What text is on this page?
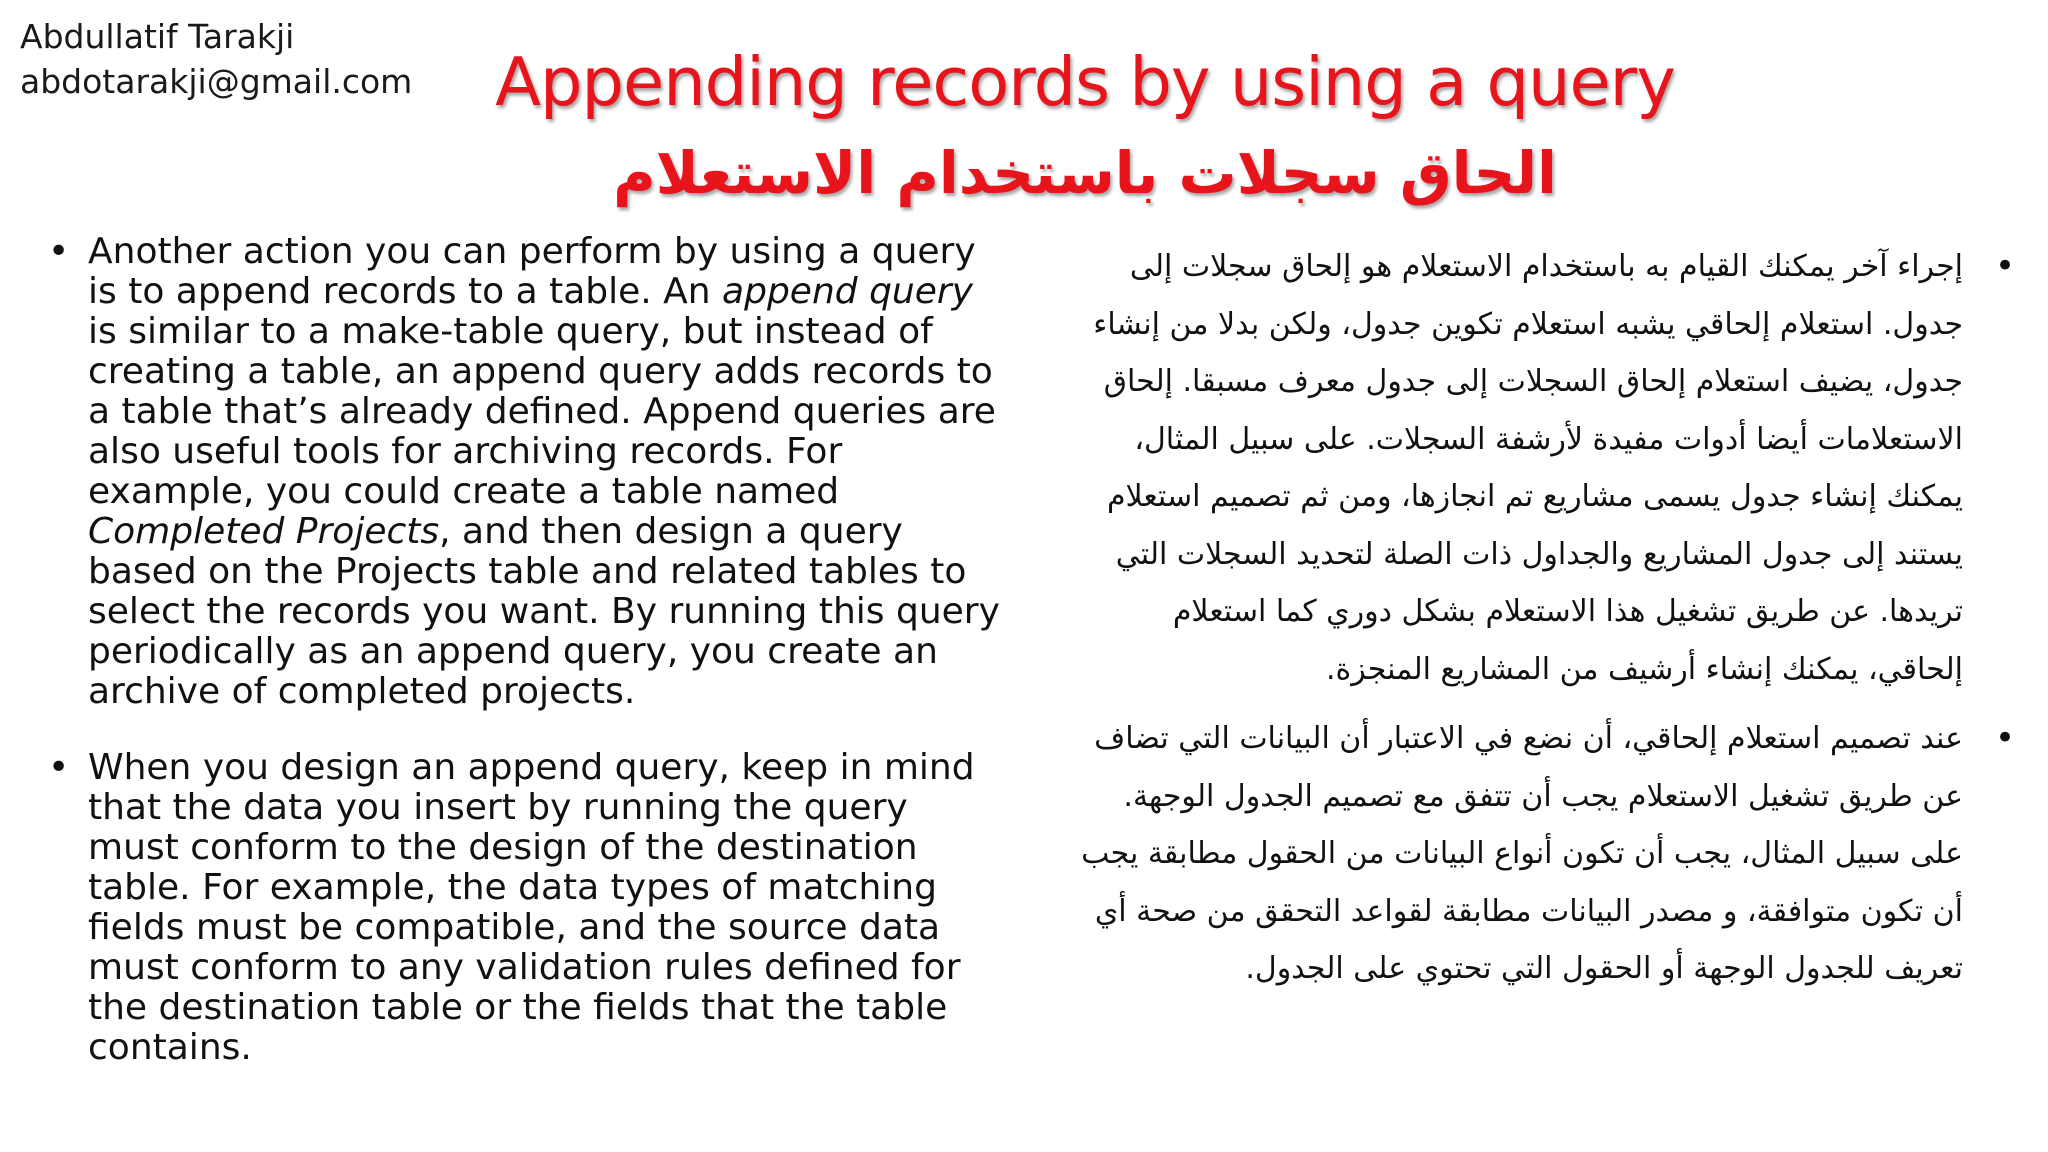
Abdullatif Tarakji
abdotarakji@gmail.com	Appending records by using a query
الحاق سجلات باستخدام الاستعلام
• Another action you can perform by using a query is to append records to a table. An append query is similar to a make-table query, but instead of creating a table, an append query adds records to a table that’s already defined. Append queries are also useful tools for archiving records. For example, you could create a table named Completed Projects, and then design a query based on the Projects table and related tables to select the records you want. By running this query periodically as an append query, you create an archive of completed projects.
• When you design an append query, keep in mind that the data you insert by running the query must conform to the design of the destination table. For example, the data types of matching fields must be compatible, and the source data must conform to any validation rules defined for the destination table or the fields that the table contains.
•
إجراء آخر يمكنك القيام به باستخدام الاستعلام هو إلحاق سجلات إلى جدول. استعلام إلحاقي يشبه استعلام تكوين جدول، ولكن بدلا من إنشاء جدول، يضيف استعلام إلحاق السجلات إلى جدول معرف مسبقا. إلحاق الاستعلامات أيضا أدوات مفيدة لأرشفة السجلات. على سبيل المثال، يمكنك إنشاء جدول يسمى مشاريع تم انجازها، ومن ثم تصميم استعلام يستند إلى جدول المشاريع والجداول ذات الصلة لتحديد السجلات التي تريدها. عن طريق تشغيل هذا الاستعلام بشكل دوري كما استعلام إلحاقي، يمكنك إنشاء أرشيف من المشاريع المنجزة.
•
عند تصميم استعلام إلحاقي، أن نضع في الاعتبار أن البيانات التي تضاف عن طريق تشغيل الاستعلام يجب أن تتفق مع تصميم الجدول الوجهة. على سبيل المثال، يجب أن تكون أنواع البيانات من الحقول مطابقة يجب أن تكون متوافقة، و مصدر البيانات مطابقة لقواعد التحقق من صحة أي تعريف للجدول الوجهة أو الحقول التي تحتوي على الجدول.
